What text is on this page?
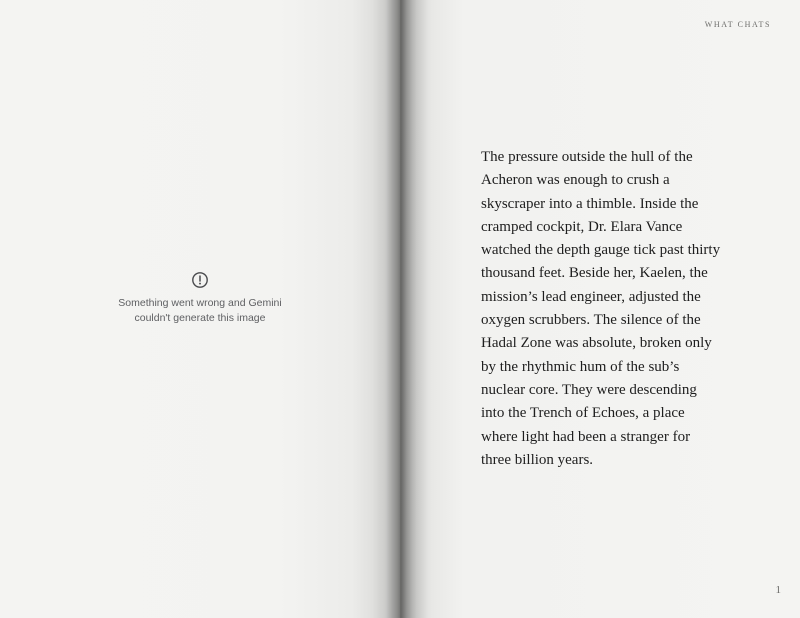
Something went wrong and Gemini
couldn't generate this image
WHAT CHATS
1

The pressure outside the hull of the
Acheron was enough to crush a
skyscraper into a thimble. Inside the
cramped cockpit, Dr. Elara Vance
watched the depth gauge tick past thirty
thousand feet. Beside her, Kaelen, the
mission’s lead engineer, adjusted the
oxygen scrubbers. The silence of the
Hadal Zone was absolute, broken only
by the rhythmic hum of the sub’s
nuclear core. They were descending
into the Trench of Echoes, a place
where light had been a stranger for
three billion years.
